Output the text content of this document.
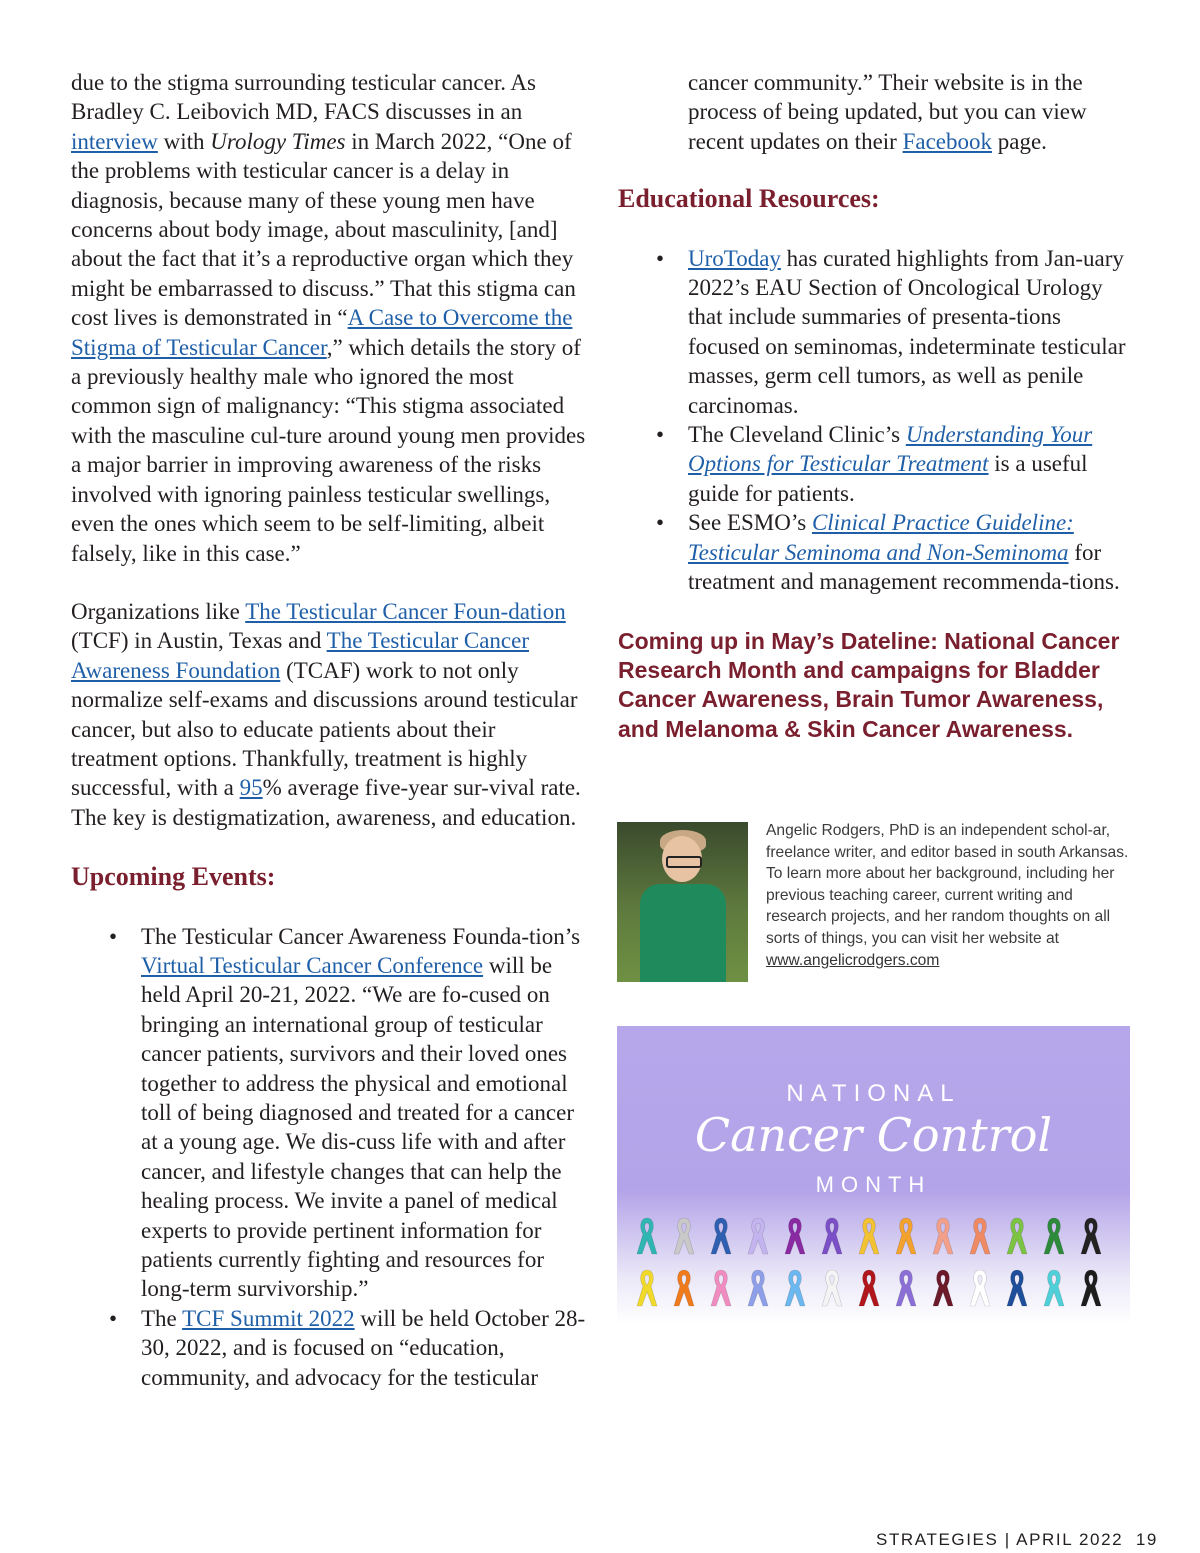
due to the stigma surrounding testicular cancer. As Bradley C. Leibovich MD, FACS discusses in an interview with Urology Times in March 2022, “One of the problems with testicular cancer is a delay in diagnosis, because many of these young men have concerns about body image, about masculinity, [and] about the fact that it’s a reproductive organ which they might be embarrassed to discuss.” That this stigma can cost lives is demonstrated in “A Case to Overcome the Stigma of Testicular Cancer,” which details the story of a previously healthy male who ignored the most common sign of malignancy: “This stigma associated with the masculine cul-ture around young men provides a major barrier in improving awareness of the risks involved with ignoring painless testicular swellings, even the ones which seem to be self-limiting, albeit falsely, like in this case.”

Organizations like The Testicular Cancer Foun-dation (TCF) in Austin, Texas and The Testicular Cancer Awareness Foundation (TCAF) work to not only normalize self-exams and discussions around testicular cancer, but also to educate patients about their treatment options. Thankfully, treatment is highly successful, with a 95% average five-year sur-vival rate. The key is destigmatization, awareness, and education.

Upcoming Events:
• The Testicular Cancer Awareness Founda-tion’s Virtual Testicular Cancer Conference will be held April 20-21, 2022. “We are fo-cused on bringing an international group of testicular cancer patients, survivors and their loved ones together to address the physical and emotional toll of being diagnosed and treated for a cancer at a young age. We dis-cuss life with and after cancer, and lifestyle changes that can help the healing process. We invite a panel of medical experts to provide pertinent information for patients currently fighting and resources for long-term survivorship.”
• The TCF Summit 2022 will be held October 28-30, 2022, and is focused on “education, community, and advocacy for the testicular

cancer community.” Their website is in the process of being updated, but you can view recent updates on their Facebook page.

Educational Resources:
• UroToday has curated highlights from Jan-uary 2022’s EAU Section of Oncological Urology that include summaries of presenta-tions focused on seminomas, indeterminate testicular masses, germ cell tumors, as well as penile carcinomas.
• The Cleveland Clinic’s Understanding Your Options for Testicular Treatment is a useful guide for patients.
• See ESMO’s Clinical Practice Guideline: Testicular Seminoma and Non-Seminoma for treatment and management recommenda-tions.

Coming up in May’s Dateline: National Cancer Research Month and campaigns for Bladder Cancer Awareness, Brain Tumor Awareness, and Melanoma & Skin Cancer Awareness.

Angelic Rodgers, PhD is an independent schol-ar, freelance writer, and editor based in south Arkansas. To learn more about her background, including her previous teaching career, current writing and research projects, and her random thoughts on all sorts of things, you can visit her website at www.angelicrodgers.com

NATIONAL
Cancer Control
MONTH
STRATEGIES | APRIL 2022 19
